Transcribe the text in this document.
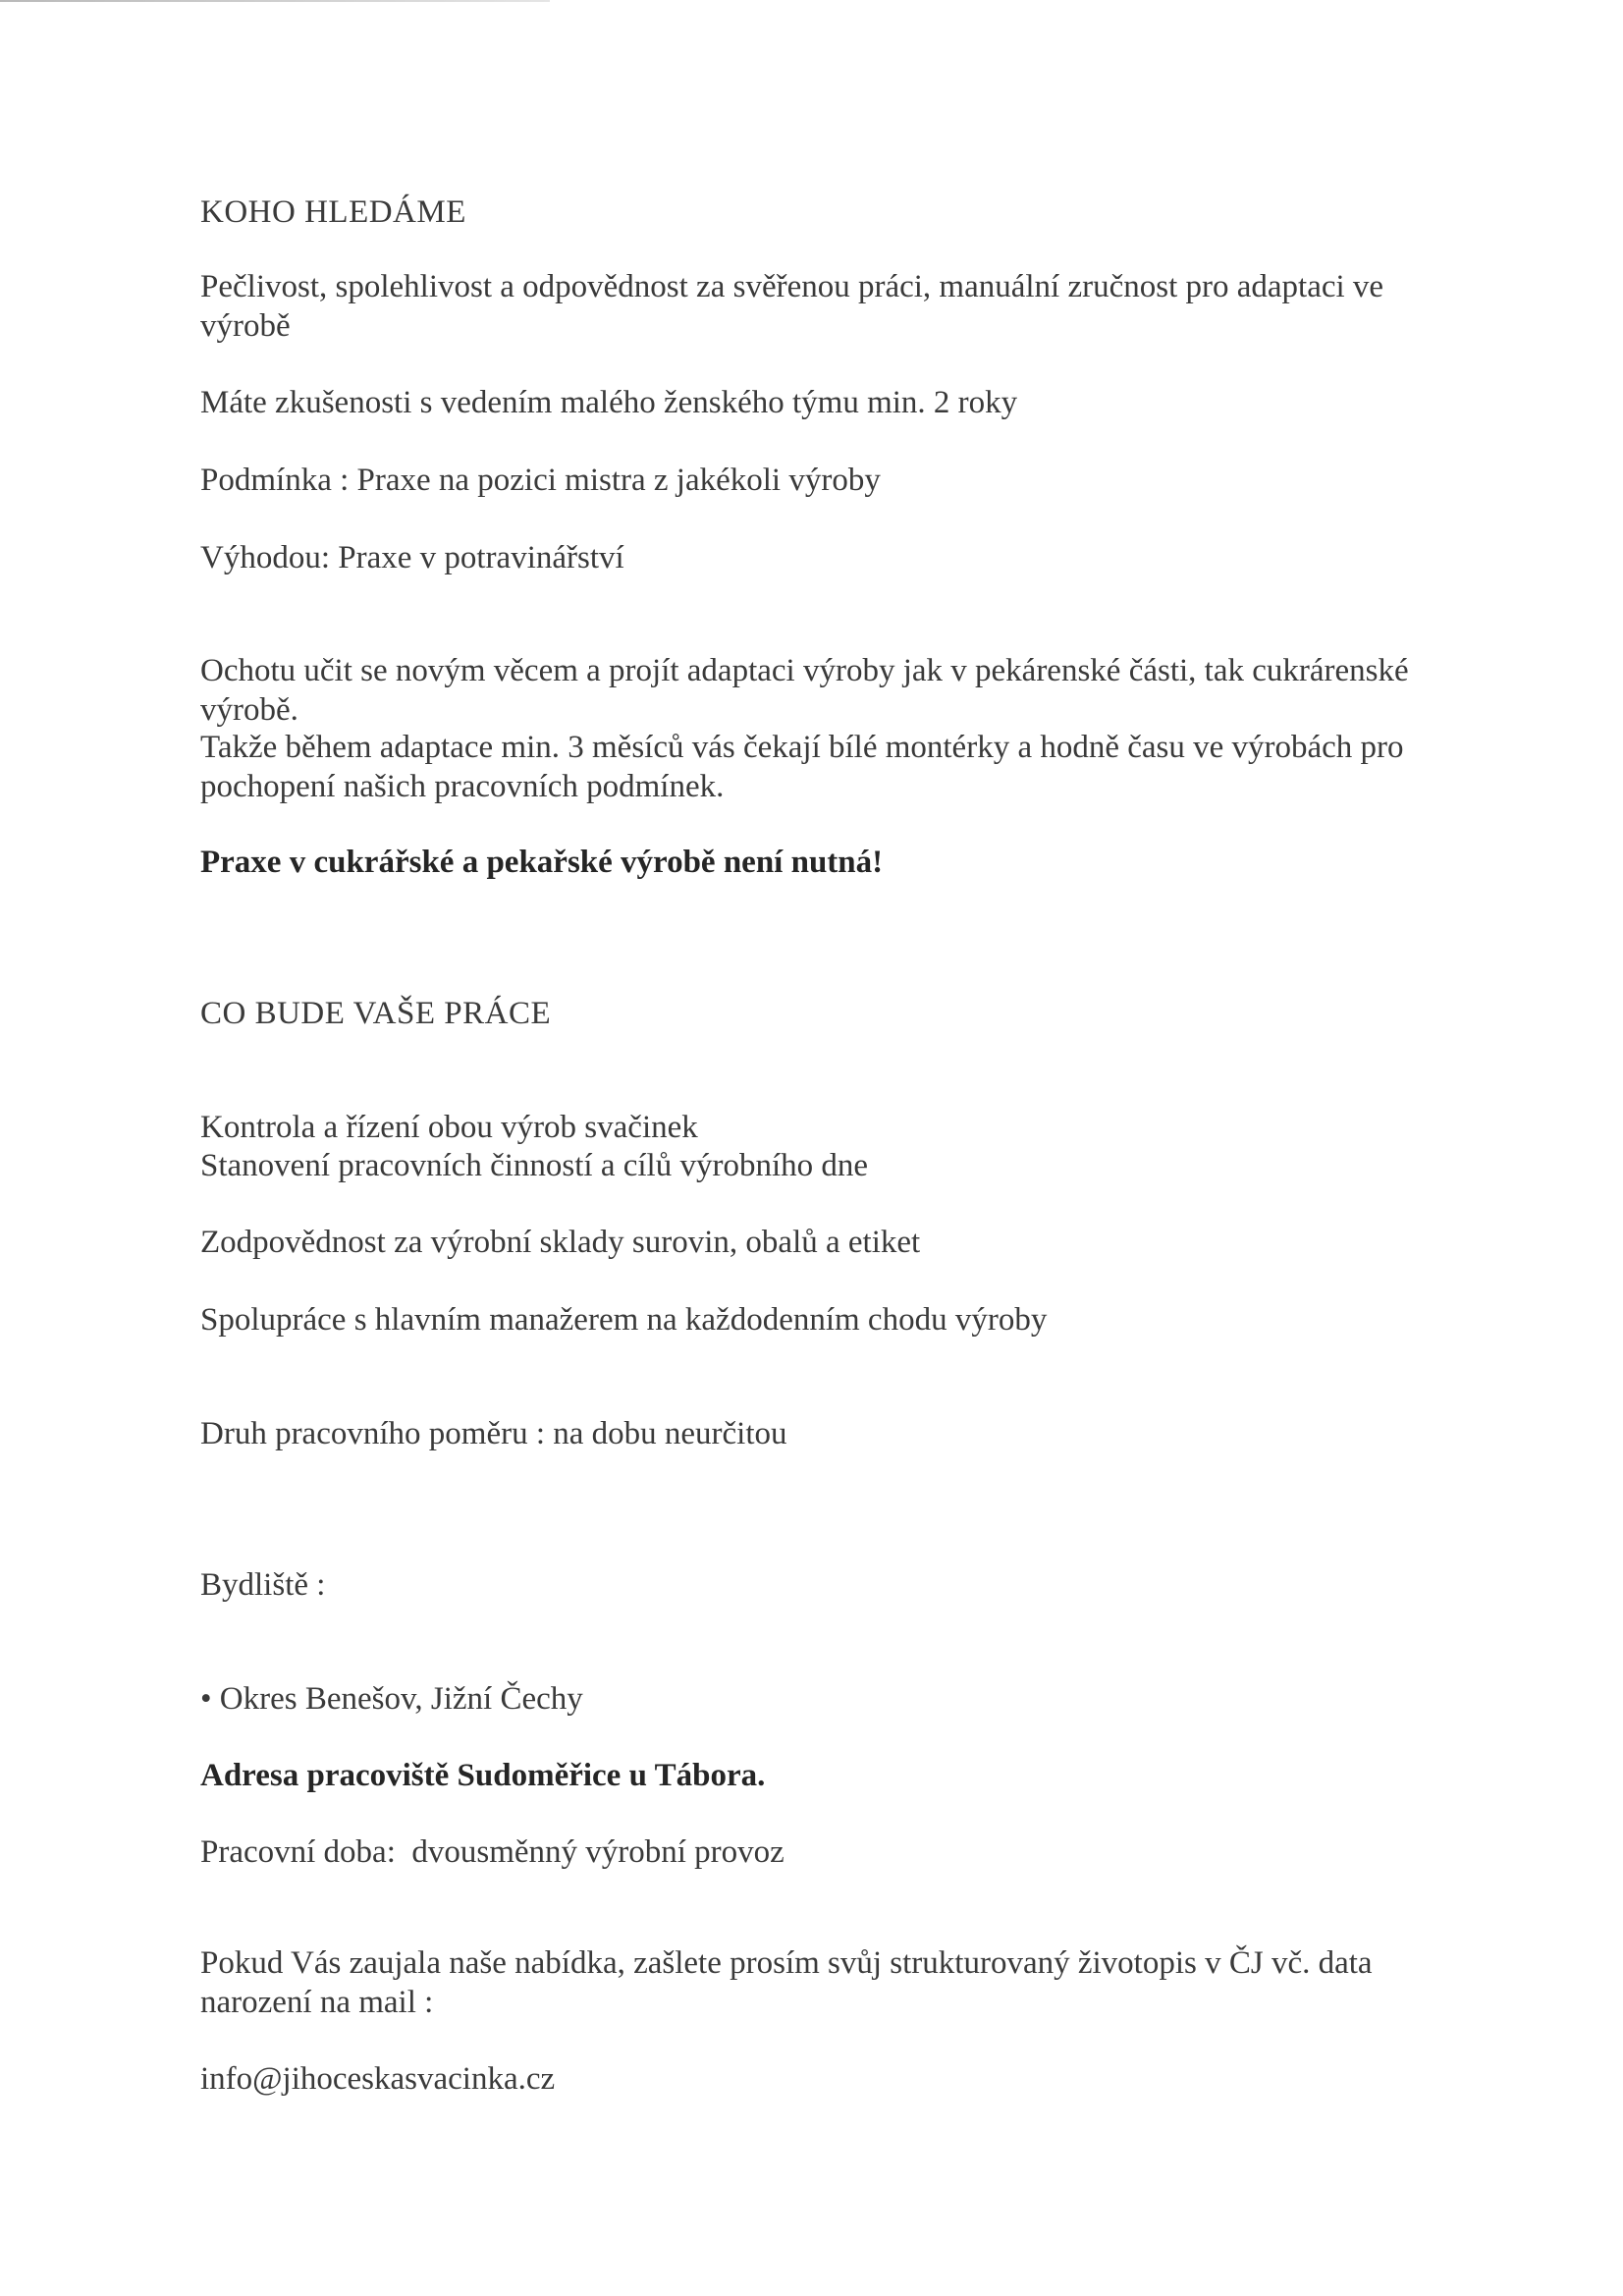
KOHO HLEDÁME

Pečlivost, spolehlivost a odpovědnost za svěřenou práci, manuální zručnost pro adaptaci ve výrobě

Máte zkušenosti s vedením malého ženského týmu min. 2 roky

Podmínka : Praxe na pozici mistra z jakékoli výroby

Výhodou: Praxe v potravinářství

Ochotu učit se novým věcem a projít adaptaci výroby jak v pekárenské části, tak cukrárenské výrobě.

Takže během adaptace min. 3 měsíců vás čekají bílé montérky a hodně času ve výrobách pro pochopení našich pracovních podmínek.

Praxe v cukrářské a pekařské výrobě není nutná!

CO BUDE VAŠE PRÁCE

Kontrola a řízení obou výrob svačinek

Stanovení pracovních činností a cílů výrobního dne

Zodpovědnost za výrobní sklady surovin, obalů a etiket

Spolupráce s hlavním manažerem na každodenním chodu výroby

Druh pracovního poměru : na dobu neurčitou

Bydliště :

• Okres Benešov, Jižní Čechy

Adresa pracoviště Sudoměřice u Tábora.

Pracovní doba:  dvousměnný výrobní provoz

Pokud Vás zaujala naše nabídka, zašlete prosím svůj strukturovaný životopis v ČJ vč. data narození na mail :

info@jihoceskasvacinka.cz
